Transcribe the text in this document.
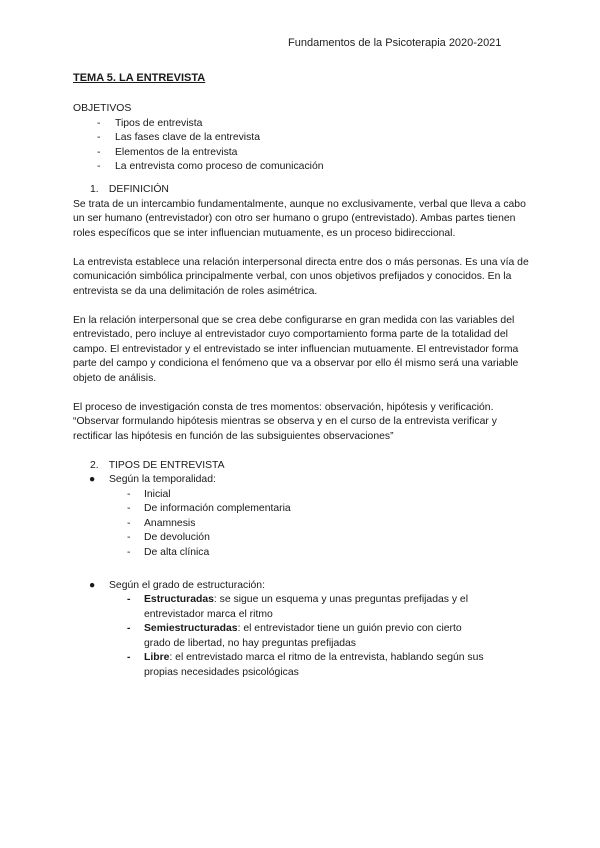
Fundamentos de la Psicoterapia 2020-2021
TEMA 5. LA ENTREVISTA

OBJETIVOS

- Tipos de entrevista
- Las fases clave de la entrevista
- Elementos de la entrevista
- La entrevista como proceso de comunicación

1. DEFINICIÓN

Se trata de un intercambio fundamentalmente, aunque no exclusivamente, verbal que lleva a cabo un ser humano (entrevistador) con otro ser humano o grupo (entrevistado). Ambas partes tienen roles específicos que se inter influencian mutuamente, es un proceso bidireccional.

La entrevista establece una relación interpersonal directa entre dos o más personas. Es una vía de comunicación simbólica principalmente verbal, con unos objetivos prefijados y conocidos. En la entrevista se da una delimitación de roles asimétrica.

En la relación interpersonal que se crea debe configurarse en gran medida con las variables del entrevistado, pero incluye al entrevistador cuyo comportamiento forma parte de la totalidad del campo. El entrevistador y el entrevistado se inter influencian mutuamente. El entrevistador forma parte del campo y condiciona el fenómeno que va a observar por ello él mismo será una variable objeto de análisis.

El proceso de investigación consta de tres momentos: observación, hipótesis y verificación. “Observar formulando hipótesis mientras se observa y en el curso de la entrevista verificar y rectificar las hipótesis en función de las subsiguientes observaciones”

2. TIPOS DE ENTREVISTA

● Según la temporalidad:
- Inicial
- De información complementaria
- Anamnesis
- De devolución
- De alta clínica
● Según el grado de estructuración:
- Estructuradas: se sigue un esquema y unas preguntas prefijadas y el entrevistador marca el ritmo
- Semiestructuradas: el entrevistador tiene un guión previo con cierto grado de libertad, no hay preguntas prefijadas
- Libre: el entrevistado marca el ritmo de la entrevista, hablando según sus propias necesidades psicológicas
